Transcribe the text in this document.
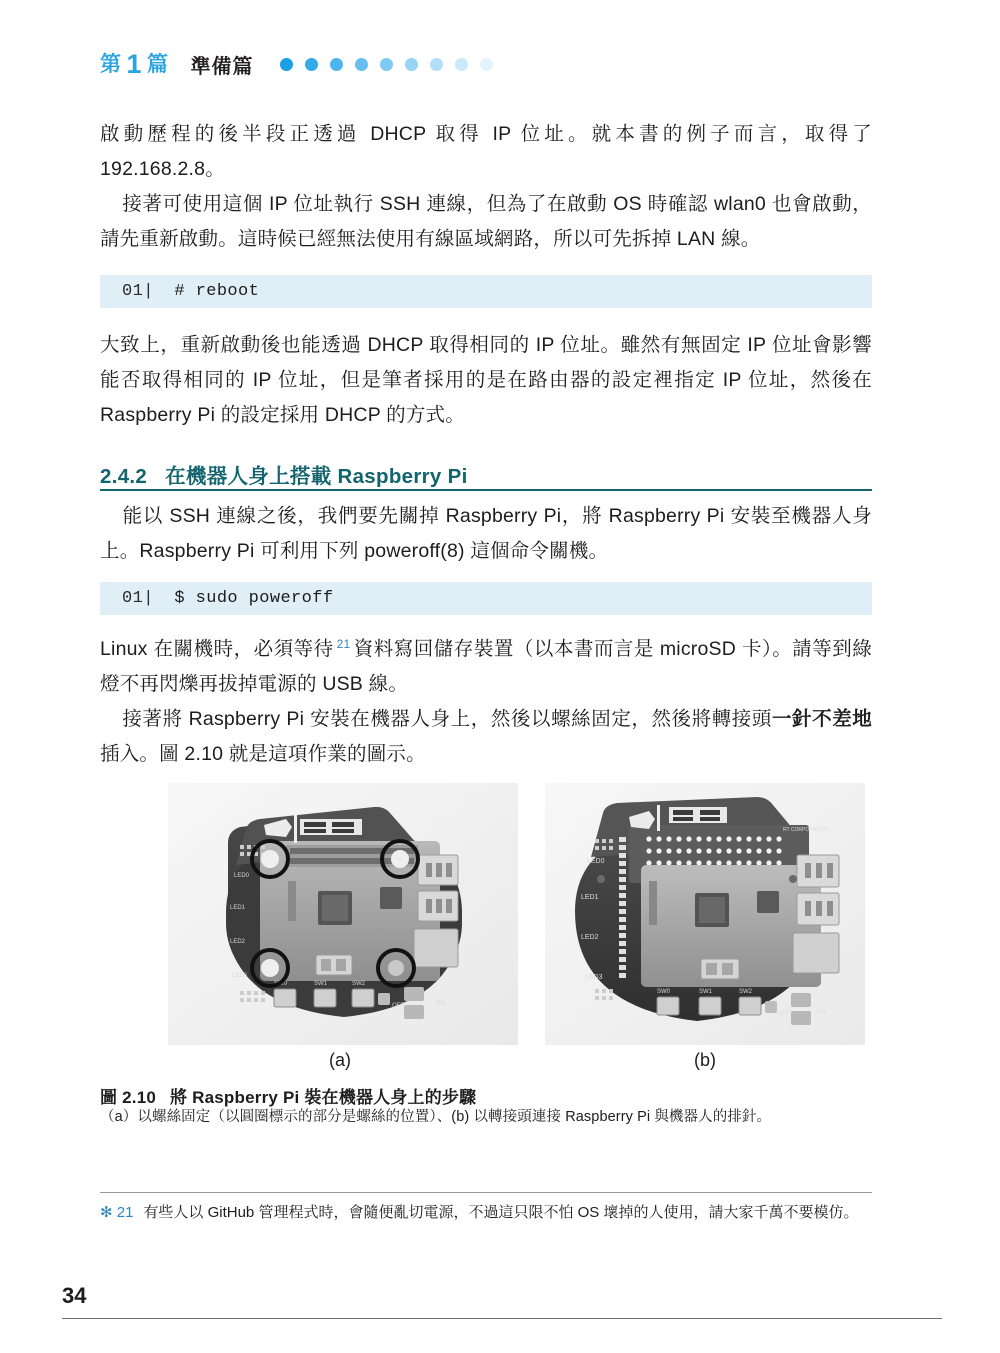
第 1 篇 準備篇
啟動歷程的後半段正透過 DHCP 取得 IP 位址。就本書的例子而言，取得了 192.168.2.8。
接著可使用這個 IP 位址執行 SSH 連線，但為了在啟動 OS 時確認 wlan0 也會啟動，請先重新啟動。這時候已經無法使用有線區域網路，所以可先拆掉 LAN 線。
01| # reboot
大致上，重新啟動後也能透過 DHCP 取得相同的 IP 位址。雖然有無固定 IP 位址會影響能否取得相同的 IP 位址，但是筆者採用的是在路由器的設定裡指定 IP 位址，然後在 Raspberry Pi 的設定採用 DHCP 的方式。
2.4.2 在機器人身上搭載 Raspberry Pi
能以 SSH 連線之後，我們要先關掉 Raspberry Pi，將 Raspberry Pi 安裝至機器人身上。Raspberry Pi 可利用下列 poweroff(8) 這個命令關機。
01| $ sudo poweroff
Linux 在關機時，必須等待 $^{21}$ 資料寫回儲存裝置（以本書而言是 microSD 卡）。請等到綠燈不再閃爍再拔掉電源的 USB 線。
接著將 Raspberry Pi 安裝在機器人身上，然後以螺絲固定，然後將轉接頭一針不差地插入。圖 2.10 就是這項作業的圖示。
LED0
LED1
LED2
LED3
SW0	SW1	SW2
OFF	ON
LED0
LED1
LED2
LED3
SW0	SW1	SW2
OFF	ON
RT CORPORATION
(a)	(b)
圖 2.10 將 Raspberry Pi 裝在機器人身上的步驟
（a）以螺絲固定（以圓圈標示的部分是螺絲的位置）、(b) 以轉接頭連接 Raspberry Pi 與機器人的排針。
✻ 21 有些人以 GitHub 管理程式時，會隨便亂切電源，不過這只限不怕 OS 壞掉的人使用，請大家千萬不要模仿。
34
